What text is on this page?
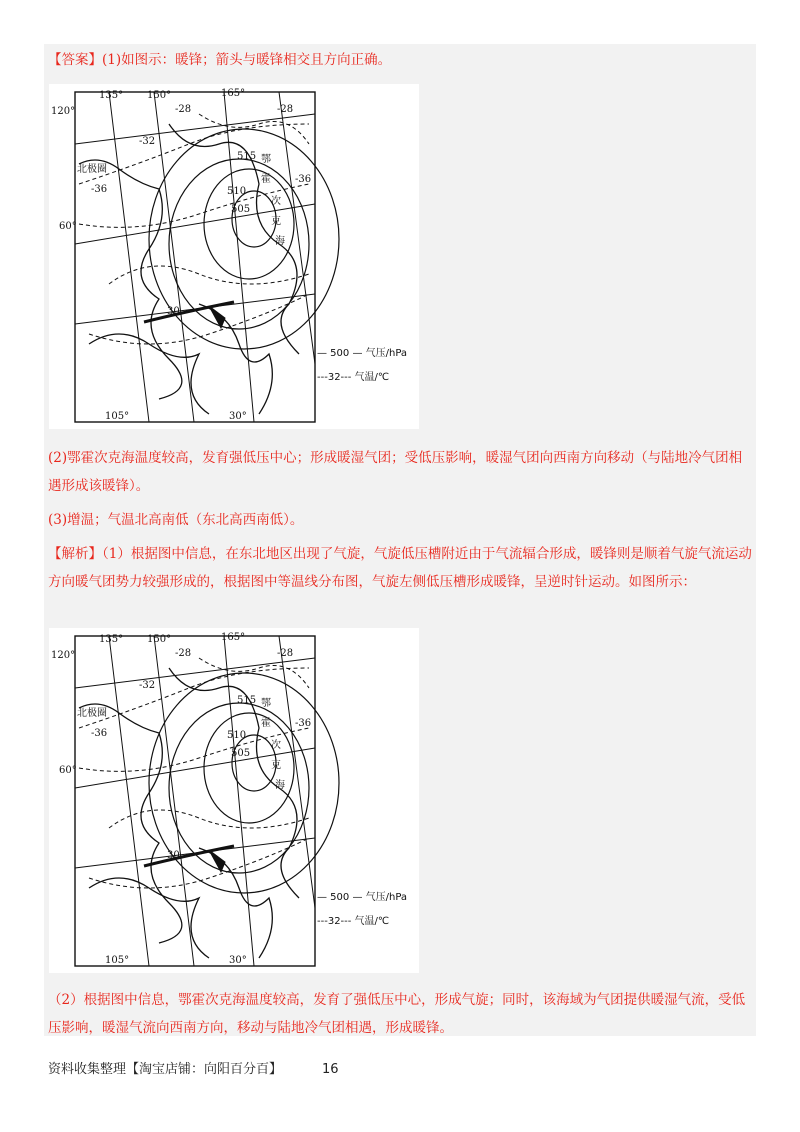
【答案】(1)如图示：暖锋；箭头与暖锋相交且方向正确。
— 500 — 气压/hPa
---32--- 气温/℃
135° 150°	165°
120°
60°
105°	30°
-28	-28
-32
-36
-36
515
510
505
30
北极圈
鄂
霍
次
克
海
(2)鄂霍次克海温度较高，发育强低压中心；形成暖湿气团；受低压影响，暖湿气团向西南方向移动（与陆地冷气团相遇形成该暖锋）。
(3)增温；气温北高南低（东北高西南低）。
【解析】（1）根据图中信息，在东北地区出现了气旋，气旋低压槽附近由于气流辐合形成，暖锋则是顺着气旋气流运动方向暖气团势力较强形成的，根据图中等温线分布图，气旋左侧低压槽形成暖锋，呈逆时针运动。如图所示：
— 500 — 气压/hPa
---32--- 气温/℃
135° 150°	165°
120°
60°
105°	30°
-28	-28
-32
-36
-36
515
510
505
30
北极圈
鄂
霍
次
克
海
（2）根据图中信息，鄂霍次克海温度较高，发育了强低压中心，形成气旋；同时，该海域为气团提供暖湿气流，受低压影响，暖湿气流向西南方向，移动与陆地冷气团相遇，形成暖锋。
资料收集整理【淘宝店铺：向阳百分百】	16
